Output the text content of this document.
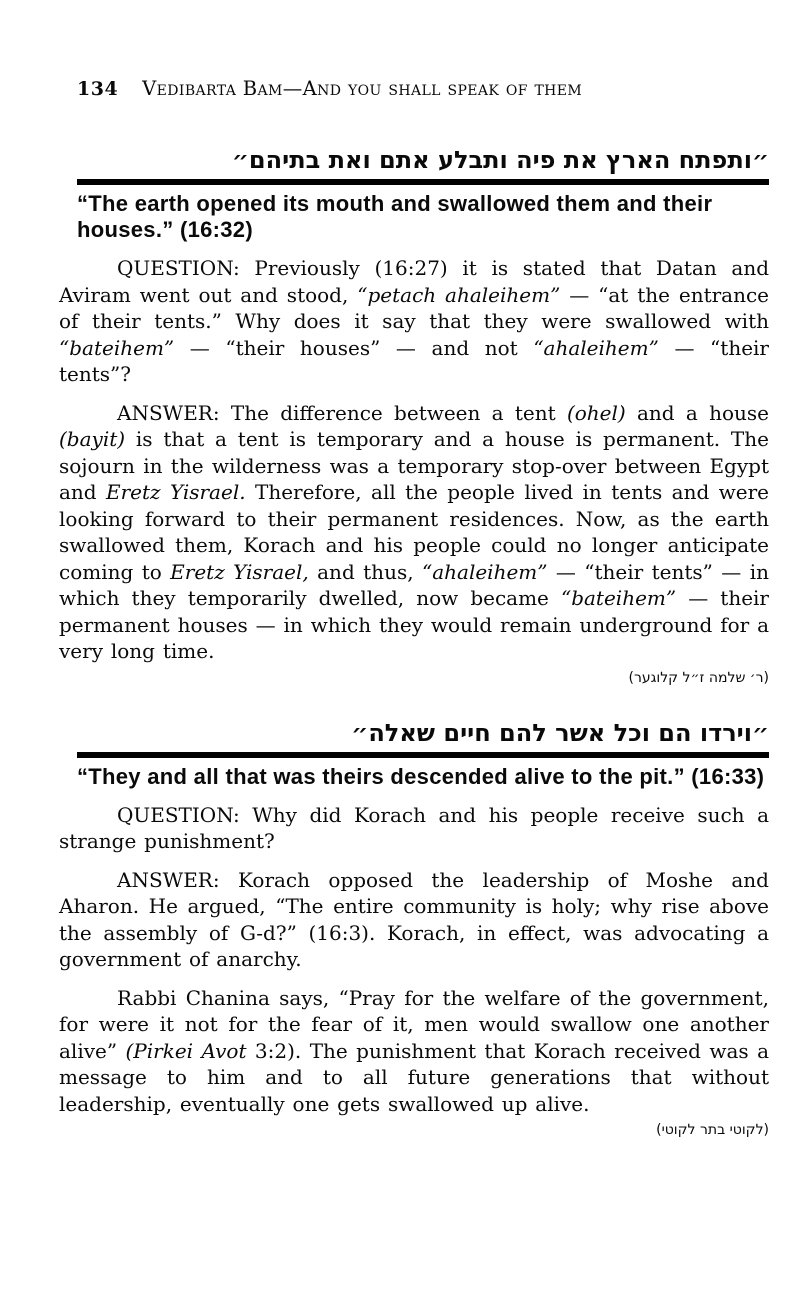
134 Vedibarta Bam—And you shall speak of them
״ותפתח הארץ את פיה ותבלע אתם ואת בתיהם״
“The earth opened its mouth and swallowed them and their houses.” (16:32)

QUESTION: Previously (16:27) it is stated that Datan and Aviram went out and stood, “petach ahaleihem” — “at the entrance of their tents.” Why does it say that they were swallowed with “bateihem” — “their houses” — and not “ahaleihem” — “their tents”?

ANSWER: The difference between a tent (ohel) and a house (bayit) is that a tent is temporary and a house is permanent. The sojourn in the wilderness was a temporary stop-over between Egypt and Eretz Yisrael. Therefore, all the people lived in tents and were looking forward to their permanent residences. Now, as the earth swallowed them, Korach and his people could no longer anticipate coming to Eretz Yisrael, and thus, “ahaleihem” — “their tents” — in which they temporarily dwelled, now became “bateihem” — their permanent houses — in which they would remain underground for a very long time.

(ר׳ שלמה ז״ל קלוגער)
״וירדו הם וכל אשר להם חיים שאלה״
“They and all that was theirs descended alive to the pit.” (16:33)

QUESTION: Why did Korach and his people receive such a strange punishment?

ANSWER: Korach opposed the leadership of Moshe and Aharon. He argued, “The entire community is holy; why rise above the assembly of G-d?” (16:3). Korach, in effect, was advocating a government of anarchy.

Rabbi Chanina says, “Pray for the welfare of the government, for were it not for the fear of it, men would swallow one another alive” (Pirkei Avot 3:2). The punishment that Korach received was a message to him and to all future generations that without leadership, eventually one gets swallowed up alive.

(לקוטי בתר לקוטי)
